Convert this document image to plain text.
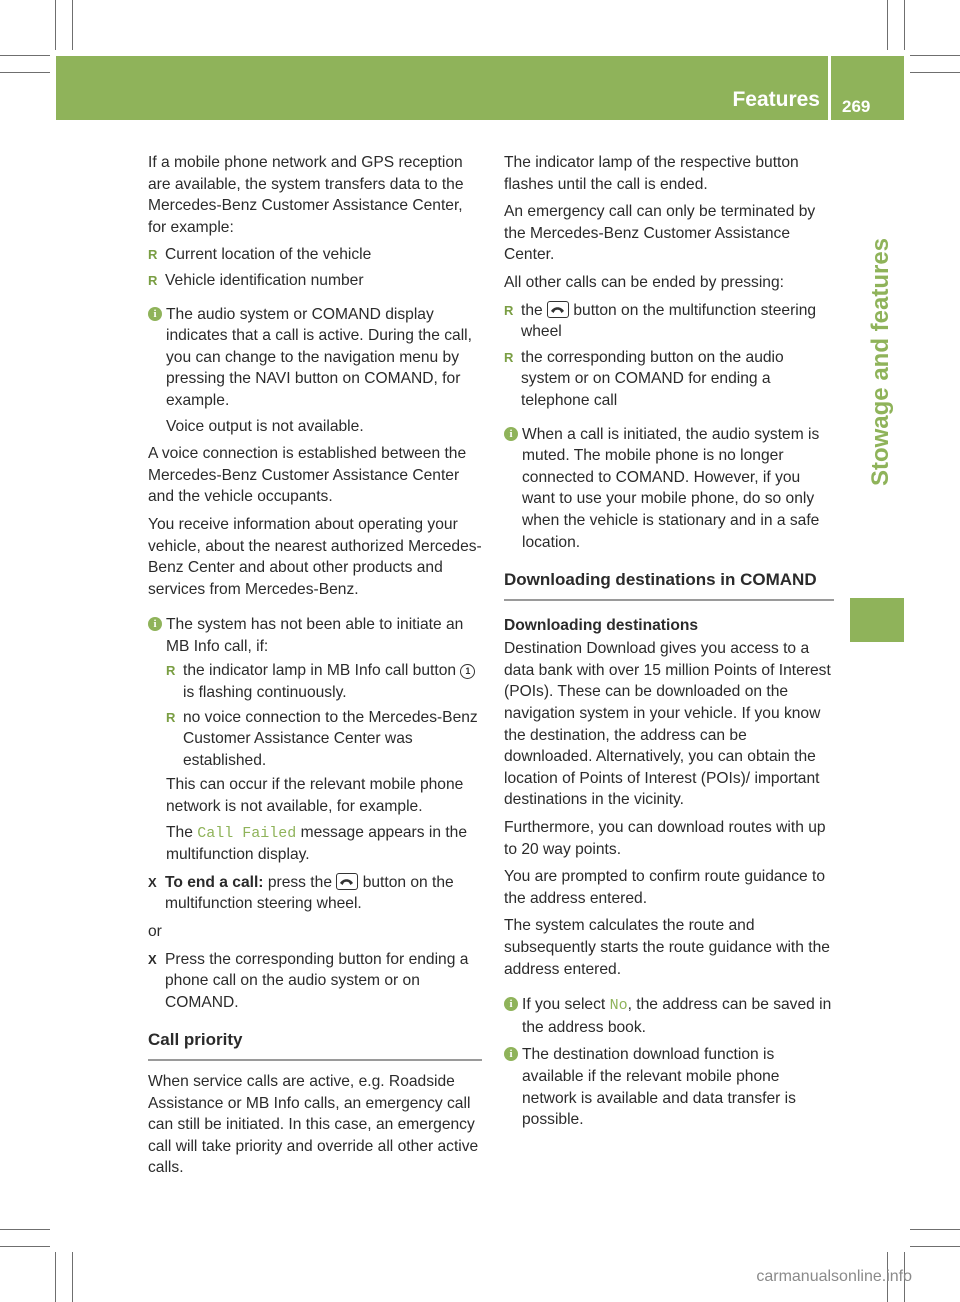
Features 269
Stowage and features

If a mobile phone network and GPS reception are available, the system transfers data to the Mercedes-Benz Customer Assistance Center, for example:

R Current location of the vehicle
R Vehicle identification number
i The audio system or COMAND display indicates that a call is active. During the call, you can change to the navigation menu by pressing the NAVI button on COMAND, for example.
Voice output is not available.

A voice connection is established between the Mercedes-Benz Customer Assistance Center and the vehicle occupants.

You receive information about operating your vehicle, about the nearest authorized Mercedes-Benz Center and about other products and services from Mercedes-Benz.

i The system has not been able to initiate an MB Info call, if:
R the indicator lamp in MB Info call button 1 is flashing continuously.
R no voice connection to the Mercedes-Benz Customer Assistance Center was established.
This can occur if the relevant mobile phone network is not available, for example.
The Call Failed message appears in the multifunction display.
X To end a call: press the button on the multifunction steering wheel.

or

X Press the corresponding button for ending a phone call on the audio system or on COMAND.
Call priority

When service calls are active, e.g. Roadside Assistance or MB Info calls, an emergency call can still be initiated. In this case, an emergency call will take priority and override all other active calls.

The indicator lamp of the respective button flashes until the call is ended.

An emergency call can only be terminated by the Mercedes-Benz Customer Assistance Center.

All other calls can be ended by pressing:

R the button on the multifunction steering wheel
R the corresponding button on the audio system or on COMAND for ending a telephone call
i When a call is initiated, the audio system is muted. The mobile phone is no longer connected to COMAND. However, if you want to use your mobile phone, do so only when the vehicle is stationary and in a safe location.
Downloading destinations in COMAND
Downloading destinations

Destination Download gives you access to a data bank with over 15 million Points of Interest (POIs). These can be downloaded on the navigation system in your vehicle. If you know the destination, the address can be downloaded. Alternatively, you can obtain the location of Points of Interest (POIs)/ important destinations in the vicinity.

Furthermore, you can download routes with up to 20 way points.

You are prompted to confirm route guidance to the address entered.

The system calculates the route and subsequently starts the route guidance with the address entered.

i If you select No, the address can be saved in the address book.
i The destination download function is available if the relevant mobile phone network is available and data transfer is possible.
carmanualsonline.info
